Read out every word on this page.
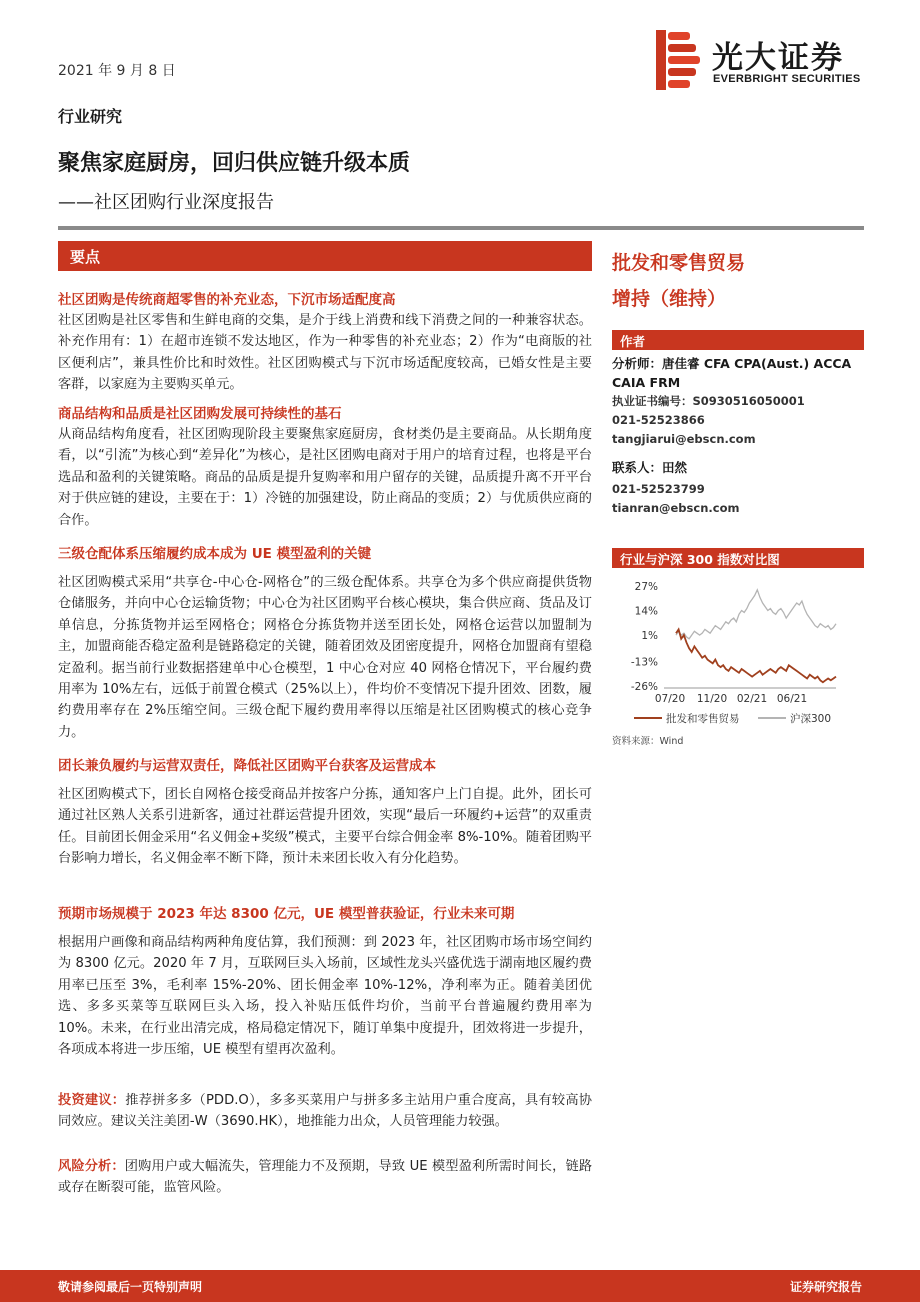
2021 年 9 月 8 日	光大证券
EVERBRIGHT SECURITIES
行业研究
聚焦家庭厨房，回归供应链升级本质
——社区团购行业深度报告
要点
社区团购是传统商超零售的补充业态，下沉市场适配度高

社区团购是社区零售和生鲜电商的交集，是介于线上消费和线下消费之间的一种兼容状态。补充作用有：1）在超市连锁不发达地区，作为一种零售的补充业态；2）作为“电商版的社区便利店”，兼具性价比和时效性。社区团购模式与下沉市场适配度较高，已婚女性是主要客群，以家庭为主要购买单元。

商品结构和品质是社区团购发展可持续性的基石

从商品结构角度看，社区团购现阶段主要聚焦家庭厨房，食材类仍是主要商品。从长期角度看，以“引流”为核心到“差异化”为核心，是社区团购电商对于用户的培育过程，也将是平台选品和盈利的关键策略。商品的品质是提升复购率和用户留存的关键，品质提升离不开平台对于供应链的建设，主要在于：1）冷链的加强建设，防止商品的变质；2）与优质供应商的合作。

三级仓配体系压缩履约成本成为 UE 模型盈利的关键

社区团购模式采用“共享仓-中心仓-网格仓”的三级仓配体系。共享仓为多个供应商提供货物仓储服务，并向中心仓运输货物；中心仓为社区团购平台核心模块，集合供应商、货品及订单信息，分拣货物并运至网格仓；网格仓分拣货物并送至团长处，网格仓运营以加盟制为主，加盟商能否稳定盈利是链路稳定的关键，随着团效及团密度提升，网格仓加盟商有望稳定盈利。据当前行业数据搭建单中心仓模型，1 中心仓对应 40 网格仓情况下，平台履约费用率为 10%左右，远低于前置仓模式（25%以上），件均价不变情况下提升团效、团数，履约费用率存在 2%压缩空间。三级仓配下履约费用率得以压缩是社区团购模式的核心竞争力。

团长兼负履约与运营双责任，降低社区团购平台获客及运营成本

社区团购模式下，团长自网格仓接受商品并按客户分拣，通知客户上门自提。此外，团长可通过社区熟人关系引进新客，通过社群运营提升团效，实现“最后一环履约+运营”的双重责任。目前团长佣金采用“名义佣金+奖级”模式，主要平台综合佣金率 8%-10%。随着团购平台影响力增长，名义佣金率不断下降，预计未来团长收入有分化趋势。

预期市场规模于 2023 年达 8300 亿元，UE 模型普获验证，行业未来可期

根据用户画像和商品结构两种角度估算，我们预测：到 2023 年，社区团购市场市场空间约为 8300 亿元。2020 年 7 月，互联网巨头入场前，区域性龙头兴盛优选于湖南地区履约费用率已压至 3%，毛利率 15%-20%、团长佣金率 10%-12%，净利率为正。随着美团优选、多多买菜等互联网巨头入场，投入补贴压低件均价，当前平台普遍履约费用率为 10%。未来，在行业出清完成，格局稳定情况下，随订单集中度提升，团效将进一步提升，各项成本将进一步压缩，UE 模型有望再次盈利。

投资建议：推荐拼多多（PDD.O），多多买菜用户与拼多多主站用户重合度高，具有较高协同效应。建议关注美团-W（3690.HK），地推能力出众，人员管理能力较强。

风险分析：团购用户或大幅流失，管理能力不及预期，导致 UE 模型盈利所需时间长，链路或存在断裂可能，监管风险。

批发和零售贸易
增持（维持）
作者
分析师：唐佳睿 CFA CPA(Aust.) ACCA
CAIA FRM
执业证书编号：S0930516050001
021-52523866
tangjiarui@ebscn.com
联系人：田然
021-52523799
tianran@ebscn.com
行业与沪深 300 指数对比图
27%
14%
1%
-13%
-26%
07/20 11/20 02/21 06/21
批发和零售贸易	沪深300
资料来源：Wind
敬请参阅最后一页特别声明	证券研究报告
